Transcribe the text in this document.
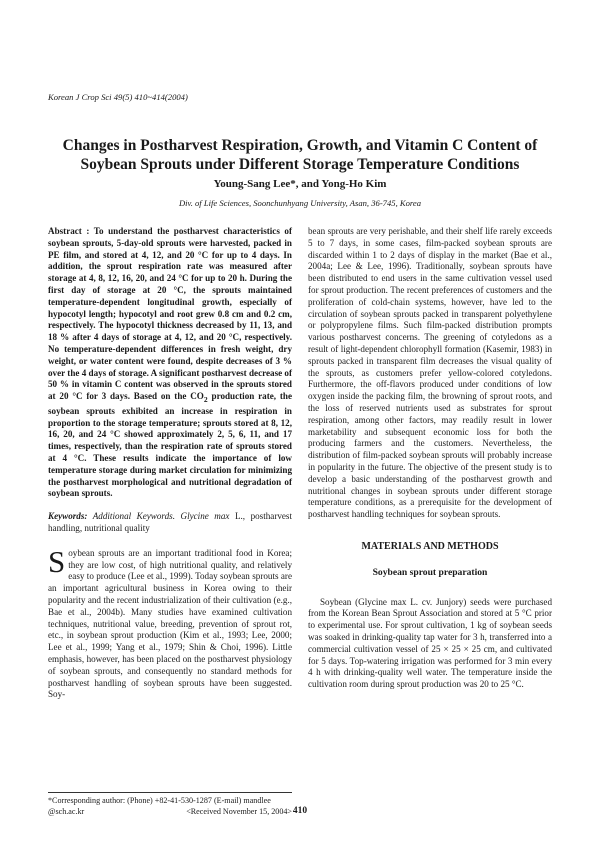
Korean J Crop Sci 49(5) 410~414(2004)
Changes in Postharvest Respiration, Growth, and Vitamin C Content of Soybean Sprouts under Different Storage Temperature Conditions
Young-Sang Lee*, and Yong-Ho Kim
Div. of Life Sciences, Soonchunhyang University, Asan, 36-745, Korea

Abstract : To understand the postharvest characteristics of soybean sprouts, 5-day-old sprouts were harvested, packed in PE film, and stored at 4, 12, and 20 °C for up to 4 days. In addition, the sprout respiration rate was measured after storage at 4, 8, 12, 16, 20, and 24 °C for up to 20 h. During the first day of storage at 20 °C, the sprouts maintained temperature-dependent longitudinal growth, especially of hypocotyl length; hypocotyl and root grew 0.8 cm and 0.2 cm, respectively. The hypocotyl thickness decreased by 11, 13, and 18 % after 4 days of storage at 4, 12, and 20 °C, respectively. No temperature-dependent differences in fresh weight, dry weight, or water content were found, despite decreases of 3 % over the 4 days of storage. A significant postharvest decrease of 50 % in vitamin C content was observed in the sprouts stored at 20 °C for 3 days. Based on the $CO_2$ production rate, the soybean sprouts exhibited an increase in respiration in proportion to the storage temperature; sprouts stored at 8, 12, 16, 20, and 24 °C showed approximately 2, 5, 6, 11, and 17 times, respectively, than the respiration rate of sprouts stored at 4 °C. These results indicate the importance of low temperature storage during market circulation for minimizing the postharvest morphological and nutritional degradation of soybean sprouts.

Keywords: Additional Keywords. Glycine max L., postharvest handling, nutritional quality

Soybean sprouts are an important traditional food in Korea; they are low cost, of high nutritional quality, and relatively easy to produce (Lee et al., 1999). Today soybean sprouts are an important agricultural business in Korea owing to their popularity and the recent industrialization of their cultivation (e.g., Bae et al., 2004b). Many studies have examined cultivation techniques, nutritional value, breeding, prevention of sprout rot, etc., in soybean sprout production (Kim et al., 1993; Lee, 2000; Lee et al., 1999; Yang et al., 1979; Shin & Choi, 1996). Little emphasis, however, has been placed on the postharvest physiology of soybean sprouts, and consequently no standard methods for postharvest handling of soybean sprouts have been suggested. Soy-

*Corresponding author: (Phone) +82-41-530-1287 (E-mail) mandlee
@sch.ac.kr	<Received November 15, 2004>

bean sprouts are very perishable, and their shelf life rarely exceeds 5 to 7 days, in some cases, film-packed soybean sprouts are discarded within 1 to 2 days of display in the market (Bae et al., 2004a; Lee & Lee, 1996). Traditionally, soybean sprouts have been distributed to end users in the same cultivation vessel used for sprout production. The recent preferences of customers and the proliferation of cold-chain systems, however, have led to the circulation of soybean sprouts packed in transparent polyethylene or polypropylene films. Such film-packed distribution prompts various postharvest concerns. The greening of cotyledons as a result of light-dependent chlorophyll formation (Kasemir, 1983) in sprouts packed in transparent film decreases the visual quality of the sprouts, as customers prefer yellow-colored cotyledons. Furthermore, the off-flavors produced under conditions of low oxygen inside the packing film, the browning of sprout roots, and the loss of reserved nutrients used as substrates for sprout respiration, among other factors, may readily result in lower marketability and subsequent economic loss for both the producing farmers and the customers. Nevertheless, the distribution of film-packed soybean sprouts will probably increase in popularity in the future. The objective of the present study is to develop a basic understanding of the postharvest growth and nutritional changes in soybean sprouts under different storage temperature conditions, as a prerequisite for the development of postharvest handling techniques for soybean sprouts.

MATERIALS AND METHODS

Soybean sprout preparation

Soybean (Glycine max L. cv. Junjory) seeds were purchased from the Korean Bean Sprout Association and stored at 5 °C prior to experimental use. For sprout cultivation, 1 kg of soybean seeds was soaked in drinking-quality tap water for 3 h, transferred into a commercial cultivation vessel of 25 × 25 × 25 cm, and cultivated for 5 days. Top-watering irrigation was performed for 3 min every 4 h with drinking-quality well water. The temperature inside the cultivation room during sprout production was 20 to 25 °C.

410
